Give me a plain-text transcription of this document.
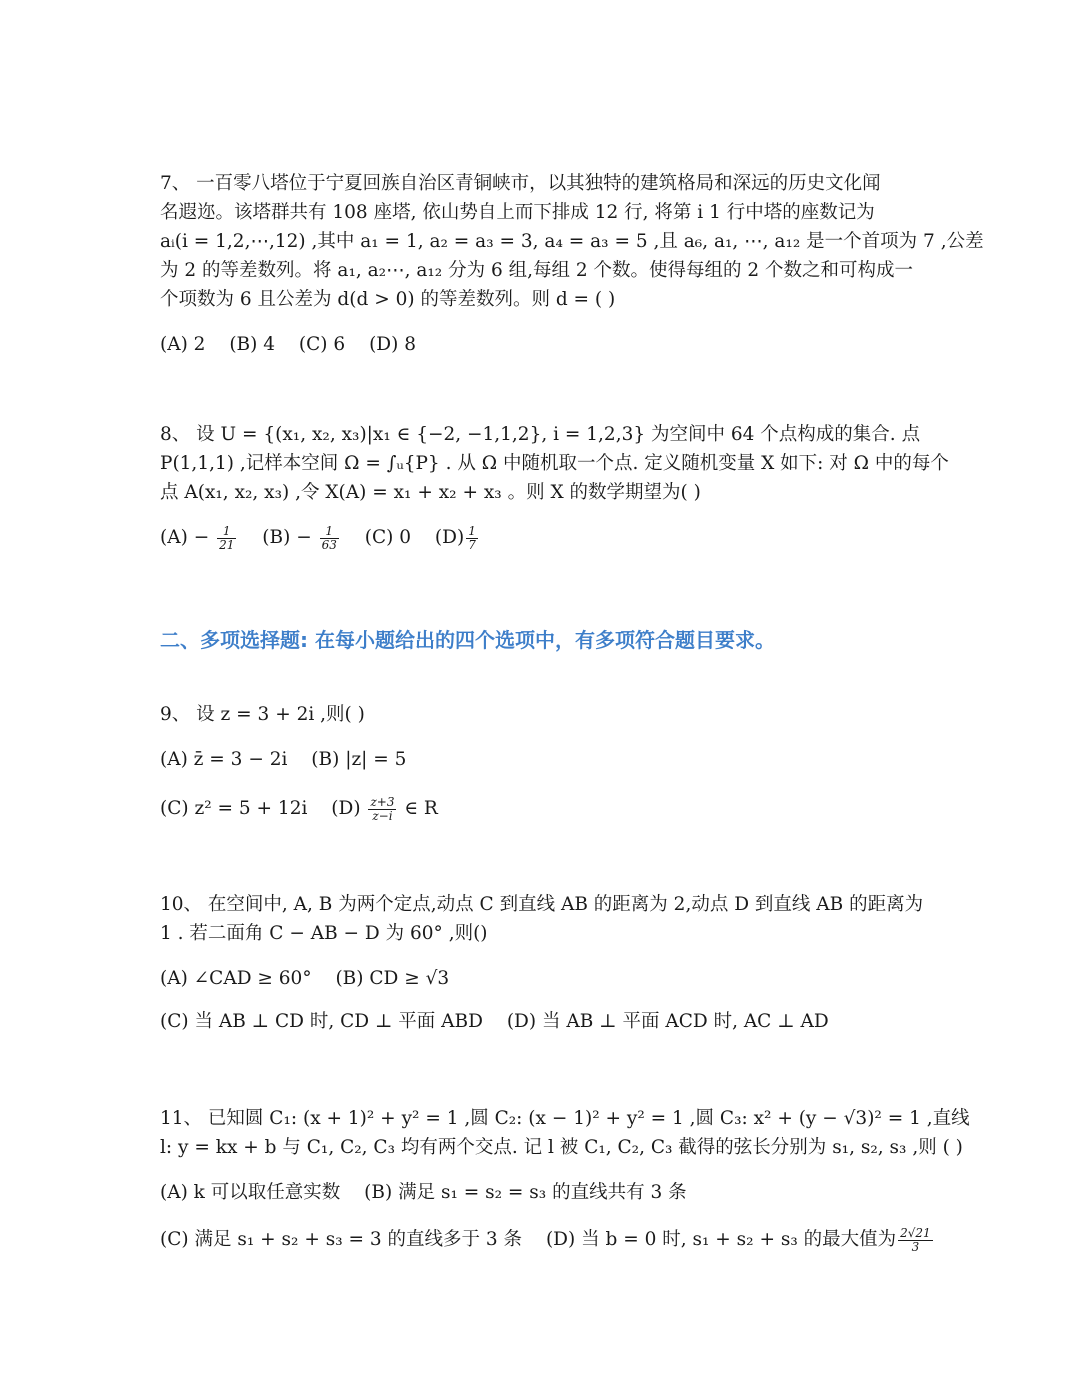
7、 一百零八塔位于宁夏回族自治区青铜峡市，以其独特的建筑格局和深远的历史文化闻
名遐迩。该塔群共有 108 座塔, 依山势自上而下排成 12 行, 将第 i 1 行中塔的座数记为
aᵢ(i = 1,2,⋯,12) ,其中 a₁ = 1, a₂ = a₃ = 3, a₄ = a₃ = 5 ,且 a₆, a₁, ⋯, a₁₂ 是一个首项为 7 ,公差
为 2 的等差数列。将 a₁, a₂⋯, a₁₂ 分为 6 组,每组 2 个数。使得每组的 2 个数之和可构成一
个项数为 6 且公差为 d(d > 0) 的等差数列。则 d = ( )

(A) 2 (B) 4 (C) 6 (D) 8

8、 设 U = {(x₁, x₂, x₃)|x₁ ∈ {−2, −1,1,2}, i = 1,2,3} 为空间中 64 个点构成的集合. 点
P(1,1,1) ,记样本空间 Ω = ∫ᵤ{P} . 从 Ω 中随机取一个点. 定义随机变量 X 如下: 对 Ω 中的每个
点 A(x₁, x₂, x₃) ,令 X(A) = x₁ + x₂ + x₃ 。则 X 的数学期望为( )

$(A) - \frac{1}{21} (B) - \frac{1}{63} (C)$ 0 $(D) \frac{1}{7}$
二、多项选择题: 在每小题给出的四个选项中，有多项符合题目要求。

9、 设 z = 3 + 2i ,则( )

(A) z̄ = 3 − 2i (B) |z| = 5
(C) z² = 5 + 12i $(D) \frac{z+3}{z-i}$ ∈ R

10、 在空间中, A, B 为两个定点,动点 C 到直线 AB 的距离为 2,动点 D 到直线 AB 的距离为
1 . 若二面角 C − AB − D 为 60° ,则()

(A) ∠CAD ≥ 60° (B) CD ≥ √3
(C) 当 AB ⊥ CD 时, CD ⊥ 平面 ABD (D) 当 AB ⊥ 平面 ACD 时, AC ⊥ AD

11、 已知圆 C₁: (x + 1)² + y² = 1 ,圆 C₂: (x − 1)² + y² = 1 ,圆 C₃: x² + (y − √3)² = 1 ,直线
l: y = kx + b 与 C₁, C₂, C₃ 均有两个交点. 记 l 被 C₁, C₂, C₃ 截得的弦长分别为 s₁, s₂, s₃ ,则 ( )

(A) k 可以取任意实数 (B) 满足 s₁ = s₂ = s₃ 的直线共有 3 条
(C) 满足 s₁ + s₂ + s₃ = 3 的直线多于 3 条 (D) 当 b = 0 时, s₁ + s₂ + s₃ 的最大值为 $\frac{2√21}{3}$
